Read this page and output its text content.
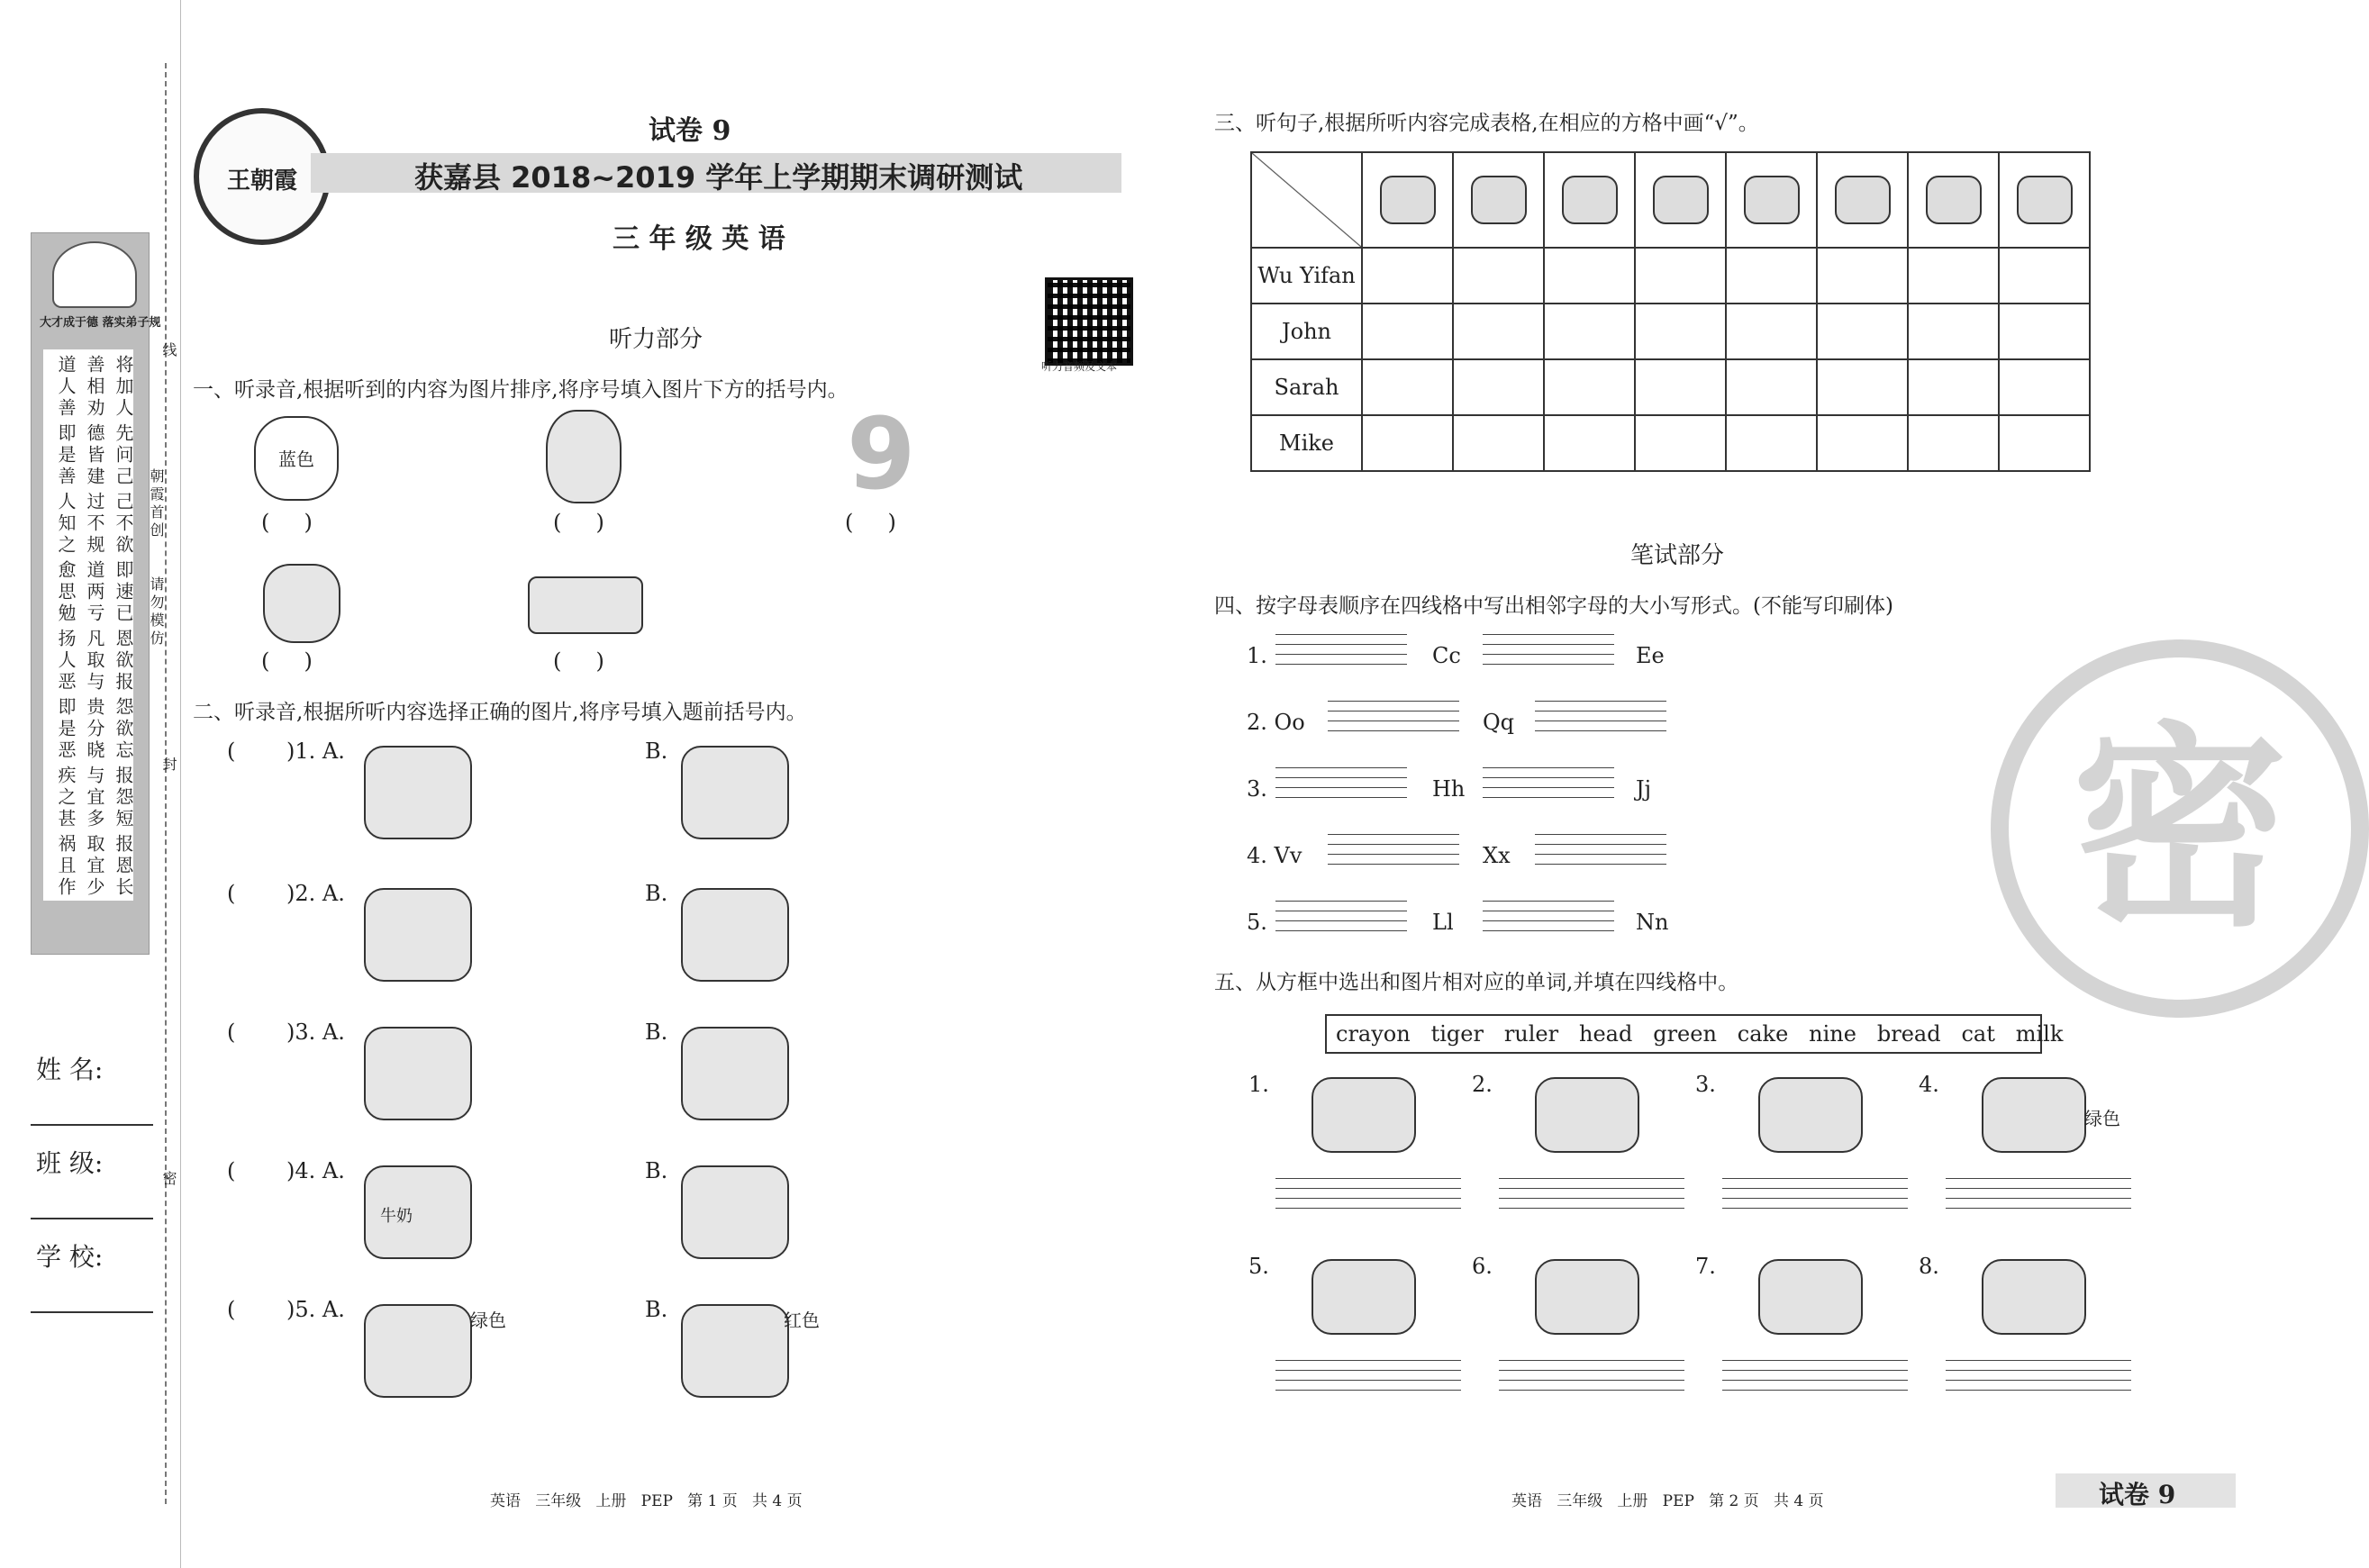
大才成于德 落实弟子规
道人善 善相劝 将加人
即是善 德皆建 先问己
人知之 过不规 己不欲
愈思勉 道两亏 即速已
扬人恶 凡取与 恩欲报
即是恶 贵分晓 怨欲忘
疾之甚 与宜多 报怨短
祸且作 取宜少 报恩长
线
朝霞首创
请勿模仿
封
密
姓 名:
班 级:
学 校:
王朝霞
试卷 9
获嘉县 2018~2019 学年上学期期末调研测试
三 年 级 英 语
听力音频及文本
听力部分
一、听录音,根据听到的内容为图片排序,将序号填入图片下方的括号内。
蓝色	9
(     )	(     )	(     )
(     )	(     )
二、听录音,根据所听内容选择正确的图片,将序号填入题前括号内。
( )1. A.	B.
( )2. A.	B.
( )3. A.	B.
( )4. A.	B.
牛奶
( )5. A.	B.
绿色	红色
三、听句子,根据所听内容完成表格,在相应的方格中画“√”。

Wu Yifan								
John								
Sarah								
Mike								
笔试部分
四、按字母表顺序在四线格中写出相邻字母的大小写形式。(不能写印刷体)
1.	Cc	Ee
2. Oo	Qq
3.	Hh	Jj
4. Vv	Xx
5.	Ll	Nn
五、从方框中选出和图片相对应的单词,并填在四线格中。
crayon   tiger   ruler   head   green   cake   nine   bread   cat   milk
1.	2.	3.	4.
绿色
5.	6.	7.	8.
密
英语   三年级   上册   PEP   第 1 页   共 4 页	英语   三年级   上册   PEP   第 2 页   共 4 页	试卷 9
